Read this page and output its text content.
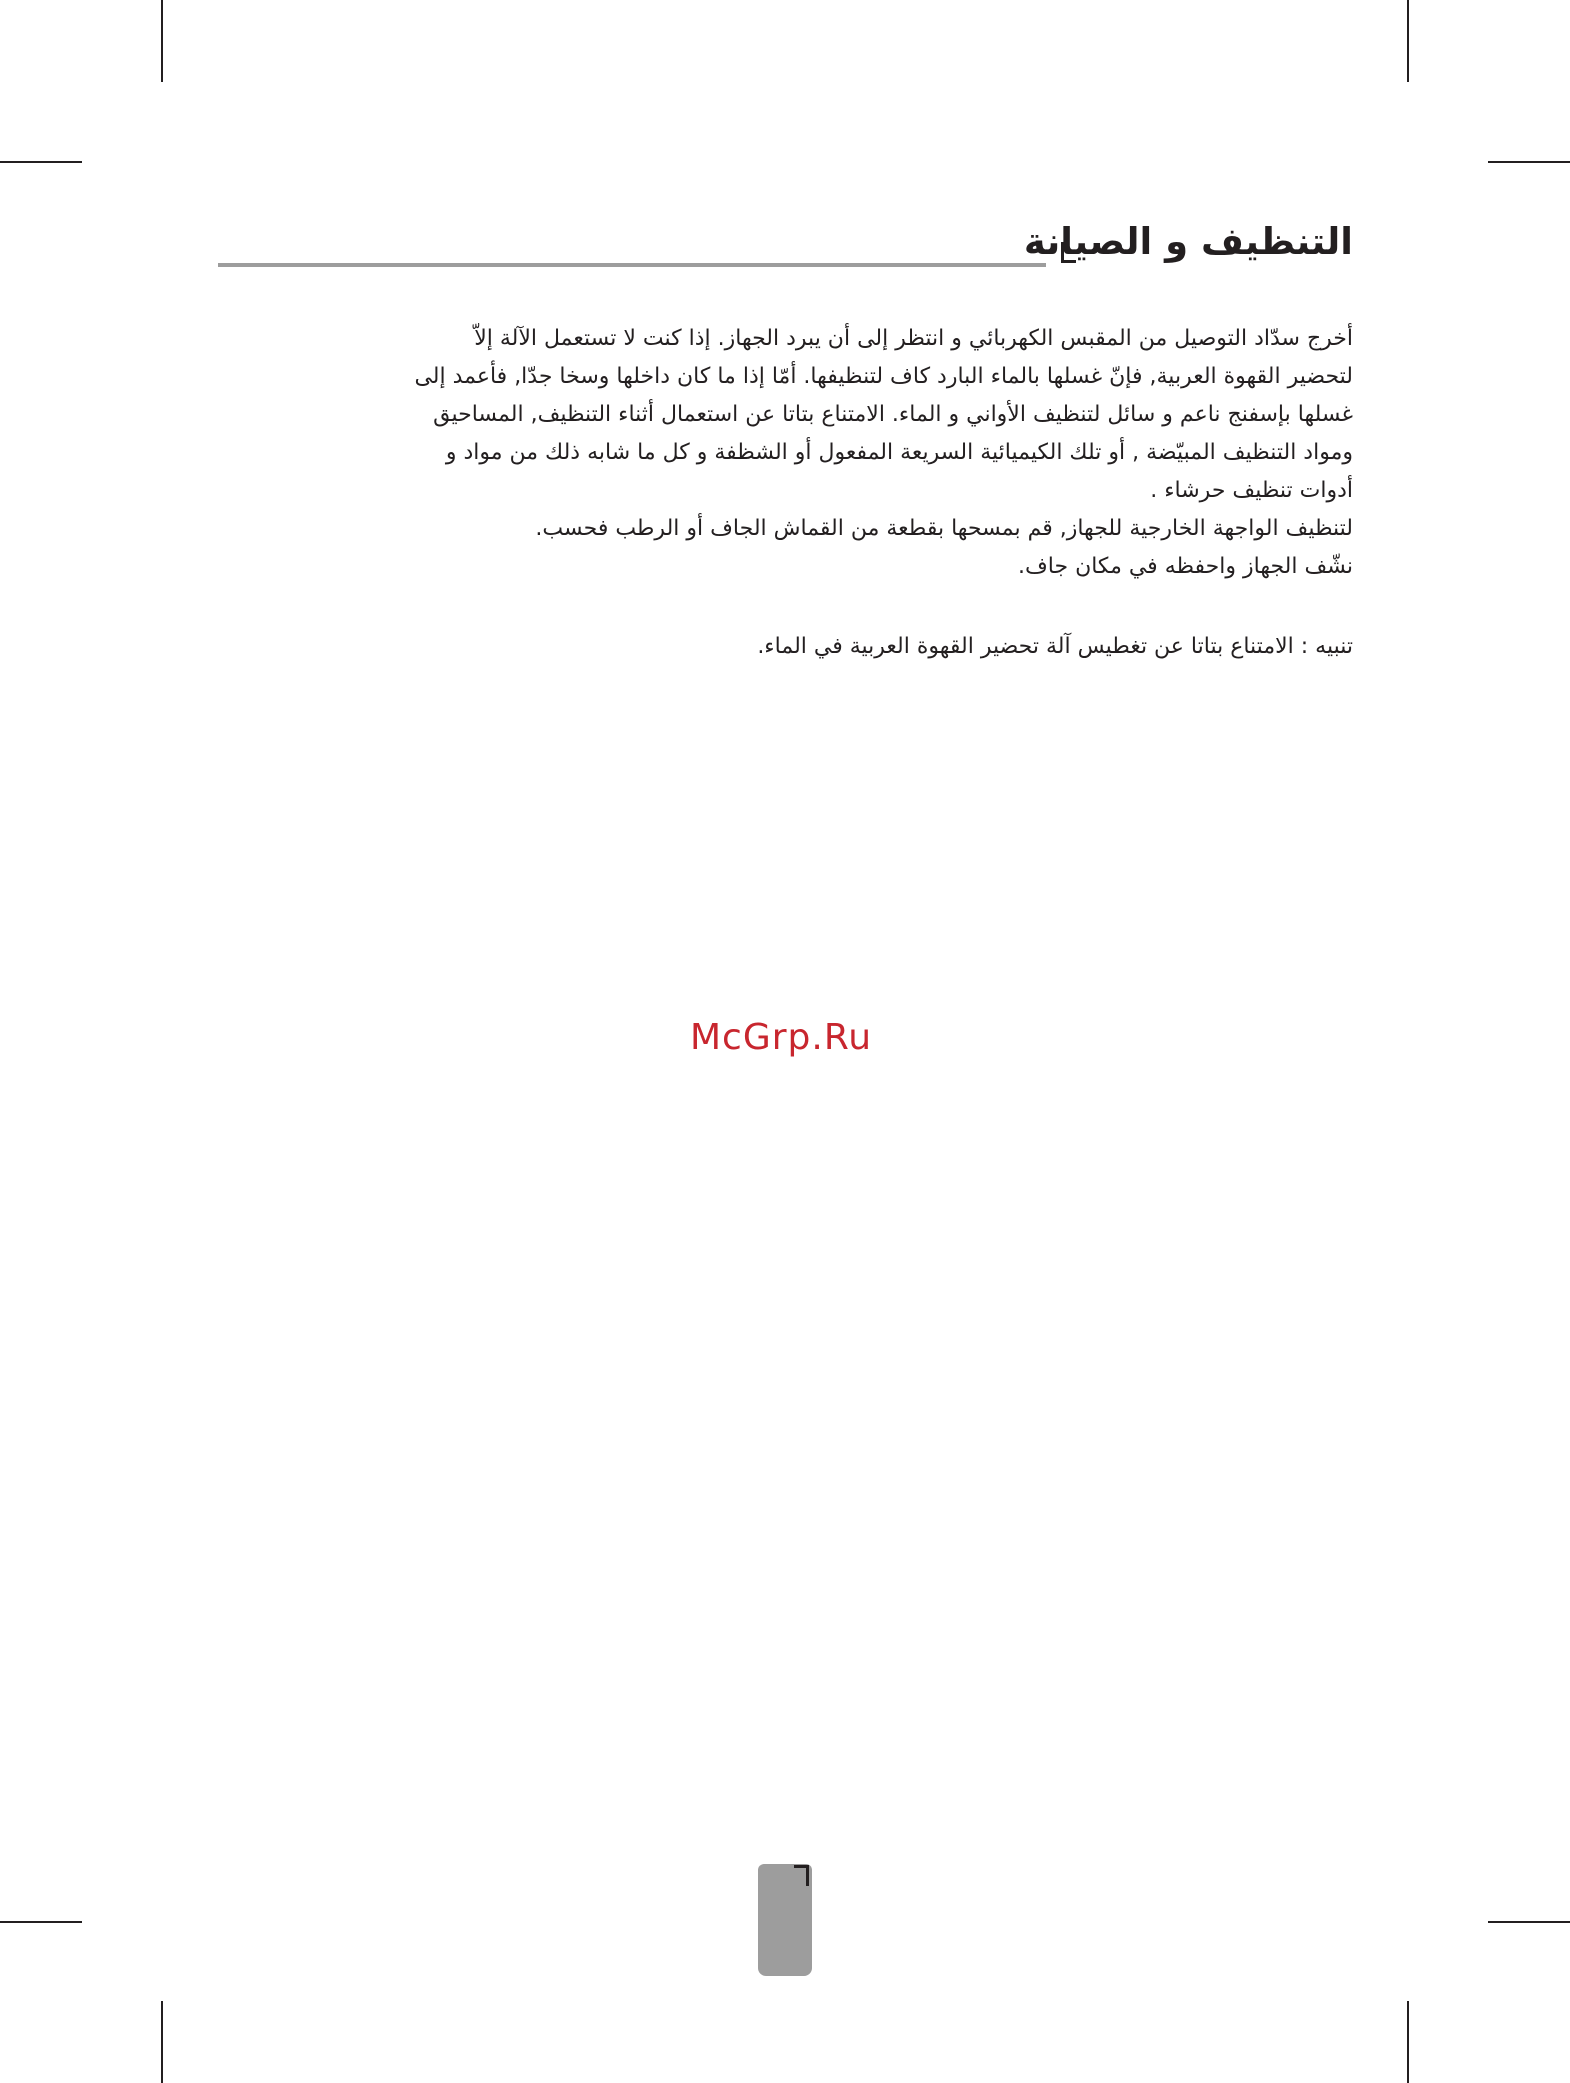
التنظيف و الصيانة

أخرج سدّاد التوصيل من المقبس الكهربائي و انتظر إلى أن يبرد الجهاز. إذا كنت لا تستعمل الآلة إلاّ

لتحضير القهوة العربية, فإنّ غسلها بالماء البارد كاف لتنظيفها. أمّا إذا ما كان داخلها وسخا جدّا, فأعمد إلى

غسلها بإسفنج ناعم و سائل لتنظيف الأواني و الماء. الامتناع بتاتا عن استعمال أثناء التنظيف, المساحيق

ومواد التنظيف المبيّضة , أو تلك الكيميائية السريعة المفعول أو الشظفة و كل ما شابه ذلك من مواد و

أدوات تنظيف حرشاء .

لتنظيف الواجهة الخارجية للجهاز, قم بمسحها بقطعة من القماش الجاف أو الرطب فحسب.

نشّف الجهاز واحفظه في مكان جاف.

تنبيه : الامتناع بتاتا عن تغطيس آلة تحضير القهوة العربية في الماء.

McGrp.Ru
